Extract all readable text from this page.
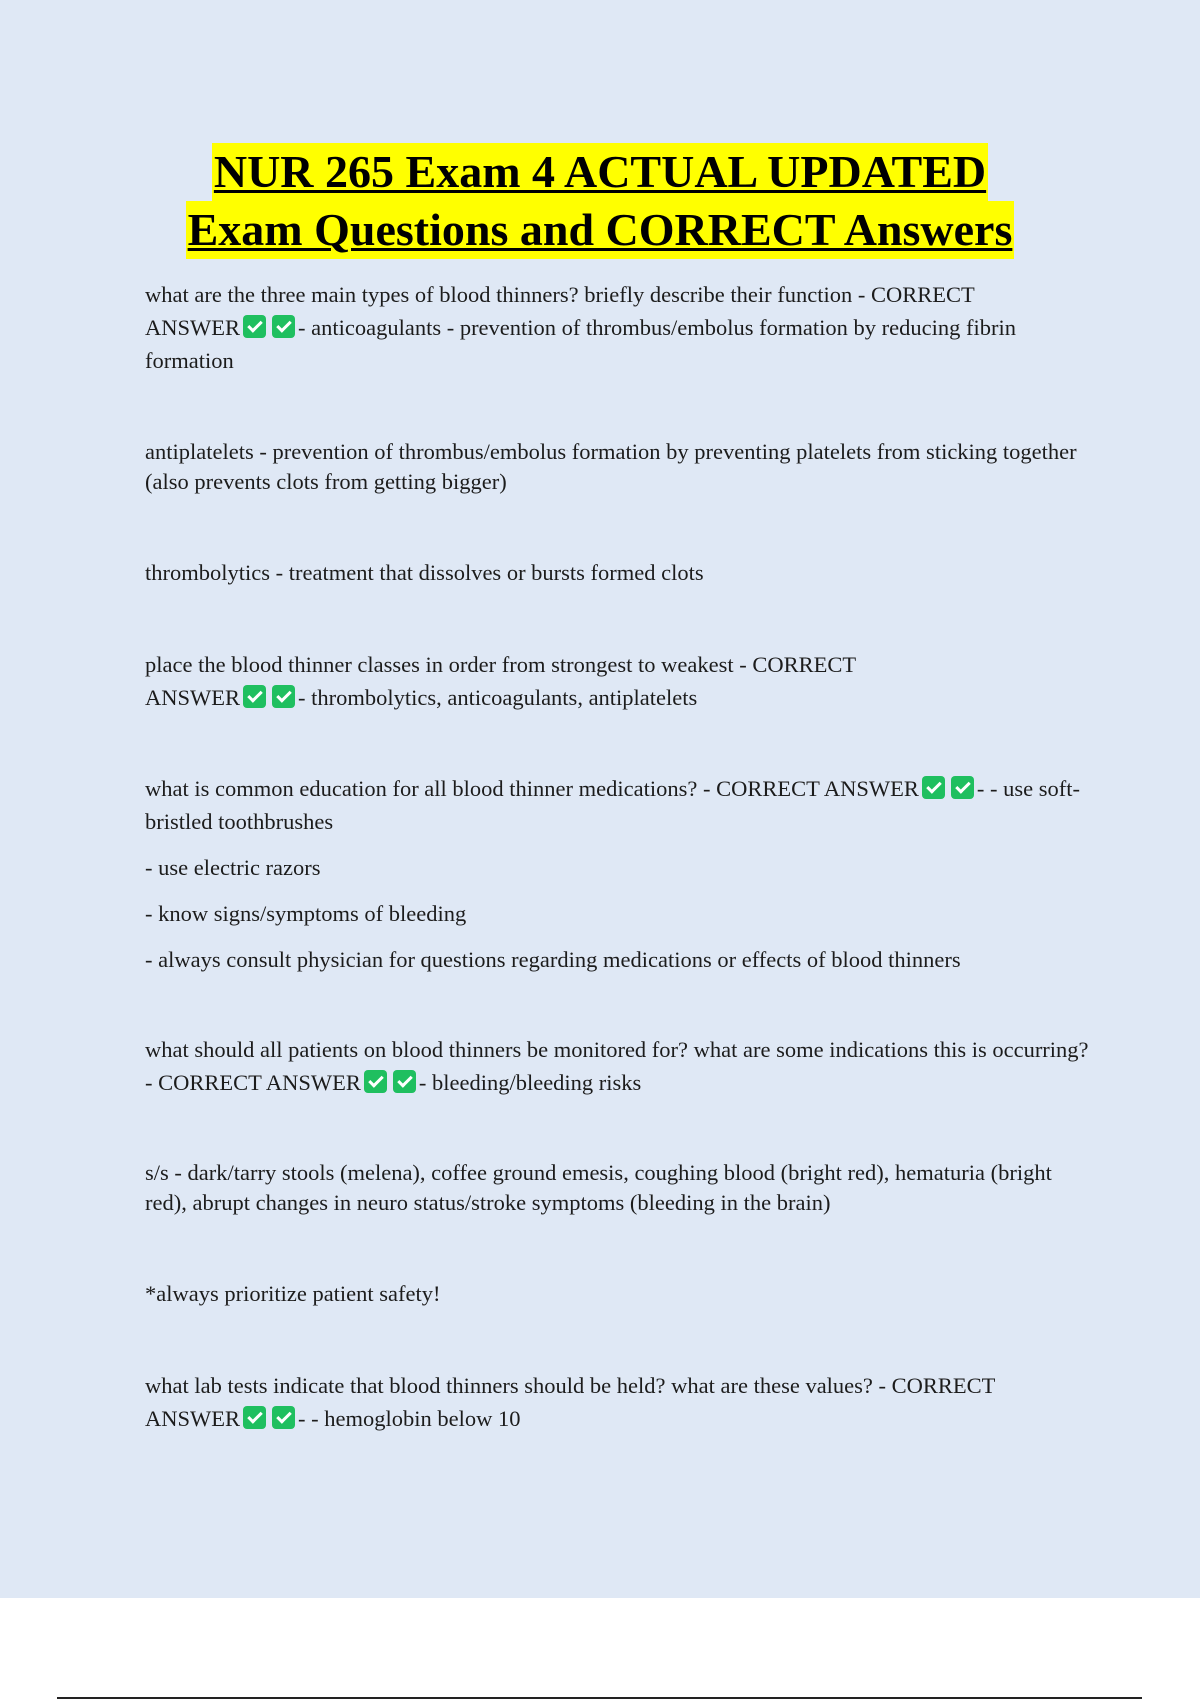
NUR 265 Exam 4 ACTUAL UPDATED
Exam Questions and CORRECT Answers

what are the three main types of blood thinners? briefly describe their function - CORRECT
ANSWER	- anticoagulants - prevention of thrombus/embolus formation by reducing fibrin formation

antiplatelets - prevention of thrombus/embolus formation by preventing platelets from sticking together (also prevents clots from getting bigger)

thrombolytics - treatment that dissolves or bursts formed clots

place the blood thinner classes in order from strongest to weakest - CORRECT
ANSWER	- thrombolytics, anticoagulants, antiplatelets

what is common education for all blood thinner medications? - CORRECT ANSWER	- - use soft-bristled toothbrushes

- use electric razors

- know signs/symptoms of bleeding

- always consult physician for questions regarding medications or effects of blood thinners

what should all patients on blood thinners be monitored for? what are some indications this is occurring? - CORRECT ANSWER	- bleeding/bleeding risks

s/s - dark/tarry stools (melena), coffee ground emesis, coughing blood (bright red), hematuria (bright red), abrupt changes in neuro status/stroke symptoms (bleeding in the brain)

*always prioritize patient safety!

what lab tests indicate that blood thinners should be held? what are these values? - CORRECT
ANSWER	- - hemoglobin below 10
